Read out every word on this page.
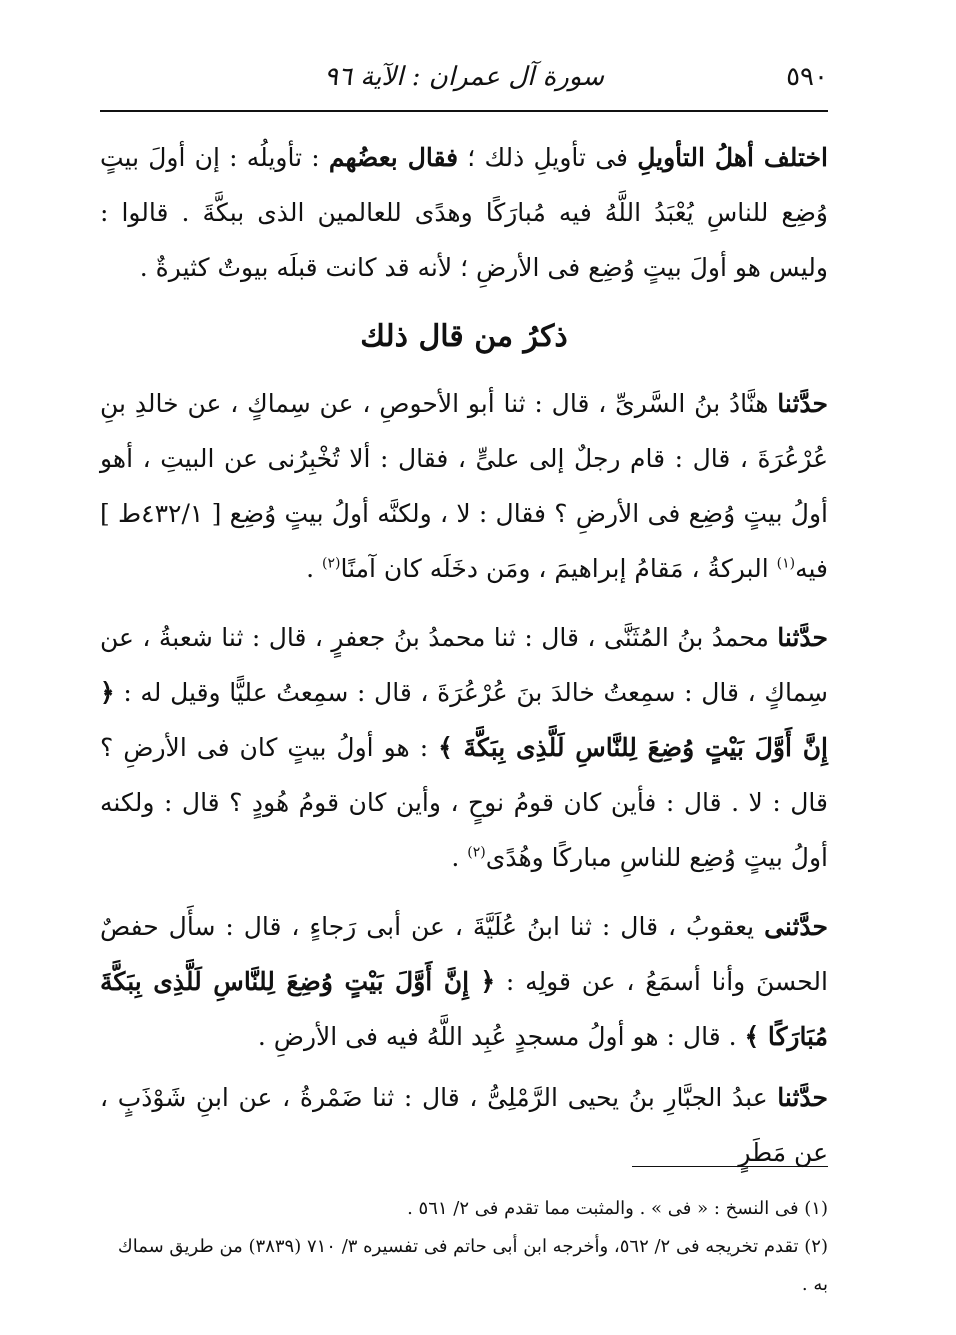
٥٩٠
سورة آل عمران : الآية ٩٦

اختلف أهلُ التأويلِ فى تأويلِ ذلك ؛ فقال بعضُهم : تأويلُه : إن أولَ بيتٍ وُضِع للناسِ يُعْبَدُ اللَّهُ فيه مُبارَكًا وهدًى للعالمين الذى ببكَّةَ . قالوا : وليس هو أولَ بيتٍ وُضِع فى الأرضِ ؛ لأنه قد كانت قبلَه بيوتٌ كثيرةٌ .

ذكرُ من قال ذلك

حدَّثنا هنَّادُ بنُ السَّرىِّ ، قال : ثنا أبو الأحوصِ ، عن سِماكٍ ، عن خالدِ بنِ عُرْعُرَةَ ، قال : قام رجلٌ إلى علىٍّ ، فقال : ألا تُخْبِرُنى عن البيتِ ، أهو أولُ بيتٍ وُضِع فى الأرضِ ؟ فقال : لا ، ولكنَّه أولُ بيتٍ وُضِع [ ٤٣٢/١ط ] فيه$^{(١)}$ البركةُ ، مَقامُ إبراهيمَ ، ومَن دخَلَه كان آمنًا$^{(٢)}$ .

حدَّثنا محمدُ بنُ المُثَنَّى ، قال : ثنا محمدُ بنُ جعفرٍ ، قال : ثنا شعبةُ ، عن سِماكٍ ، قال : سمِعتُ خالدَ بنَ عُرْعُرَةَ ، قال : سمِعتُ عليًّا وقيل له : ﴿ إِنَّ أَوَّلَ بَيْتٍ وُضِعَ لِلنَّاسِ لَلَّذِى بِبَكَّةَ ﴾ : هو أولُ بيتٍ كان فى الأرضِ ؟ قال : لا . قال : فأين كان قومُ نوحٍ ، وأين كان قومُ هُودٍ ؟ قال : ولكنه أولُ بيتٍ وُضِع للناسِ مباركًا وهُدًى$^{(٢)}$ .

حدَّثنى يعقوبُ ، قال : ثنا ابنُ عُلَيَّةَ ، عن أبى رَجاءٍ ، قال : سأَل حفصٌ الحسنَ وأنا أسمَعُ ، عن قولِه : ﴿ إِنَّ أَوَّلَ بَيْتٍ وُضِعَ لِلنَّاسِ لَلَّذِى بِبَكَّةَ مُبَارَكًا ﴾ . قال : هو أولُ مسجدٍ عُبِد اللَّهُ فيه فى الأرضِ .

حدَّثنا عبدُ الجبَّارِ بنُ يحيى الرَّمْلِىُّ ، قال : ثنا ضَمْرةُ ، عن ابنِ شَوْذَبٍ ، عن مَطَرٍ

(١) فى النسخ : « فى » . والمثبت مما تقدم فى ٢/ ٥٦١ .

(٢) تقدم تخريجه فى ٢/ ٥٦٢، وأخرجه ابن أبى حاتم فى تفسيره ٣/ ٧١٠ (٣٨٣٩) من طريق سماك به .
